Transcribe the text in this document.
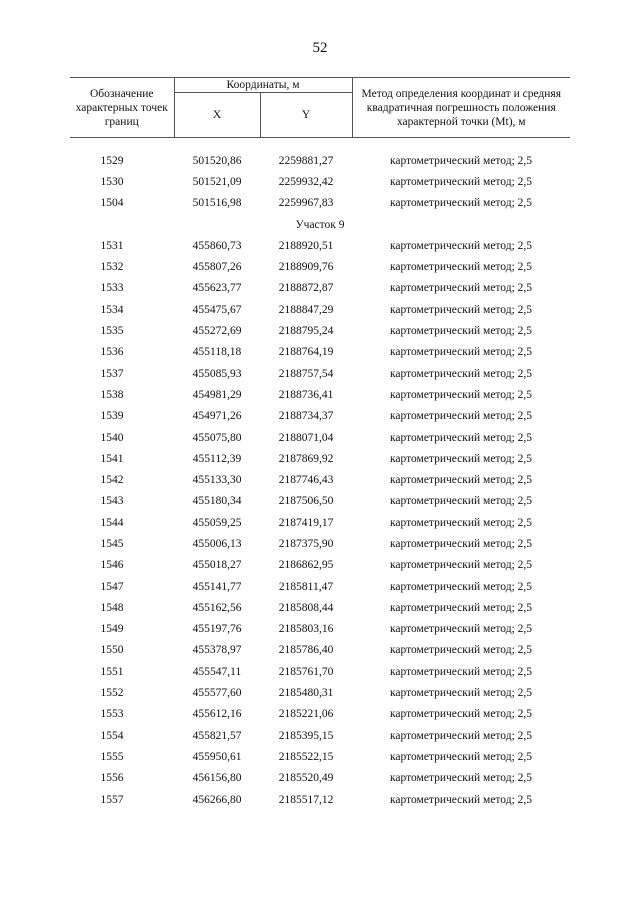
52
Обозначение характерных точек границ	Координаты, м		Метод определения координат и средняя квадратичная погрешность положения характерной точки (Mt), м
	X	Y	

1529	501520,86	2259881,27	картометрический метод; 2,5
1530	501521,09	2259932,42	картометрический метод; 2,5
1504	501516,98	2259967,83	картометрический метод; 2,5
Участок 9			
1531	455860,73	2188920,51	картометрический метод; 2,5
1532	455807,26	2188909,76	картометрический метод; 2,5
1533	455623,77	2188872,87	картометрический метод; 2,5
1534	455475,67	2188847,29	картометрический метод; 2,5
1535	455272,69	2188795,24	картометрический метод; 2,5
1536	455118,18	2188764,19	картометрический метод; 2,5
1537	455085,93	2188757,54	картометрический метод; 2,5
1538	454981,29	2188736,41	картометрический метод; 2,5
1539	454971,26	2188734,37	картометрический метод; 2,5
1540	455075,80	2188071,04	картометрический метод; 2,5
1541	455112,39	2187869,92	картометрический метод; 2,5
1542	455133,30	2187746,43	картометрический метод; 2,5
1543	455180,34	2187506,50	картометрический метод; 2,5
1544	455059,25	2187419,17	картометрический метод; 2,5
1545	455006,13	2187375,90	картометрический метод; 2,5
1546	455018,27	2186862,95	картометрический метод; 2,5
1547	455141,77	2185811,47	картометрический метод; 2,5
1548	455162,56	2185808,44	картометрический метод; 2,5
1549	455197,76	2185803,16	картометрический метод; 2,5
1550	455378,97	2185786,40	картометрический метод; 2,5
1551	455547,11	2185761,70	картометрический метод; 2,5
1552	455577,60	2185480,31	картометрический метод; 2,5
1553	455612,16	2185221,06	картометрический метод; 2,5
1554	455821,57	2185395,15	картометрический метод; 2,5
1555	455950,61	2185522,15	картометрический метод; 2,5
1556	456156,80	2185520,49	картометрический метод; 2,5
1557	456266,80	2185517,12	картометрический метод; 2,5
